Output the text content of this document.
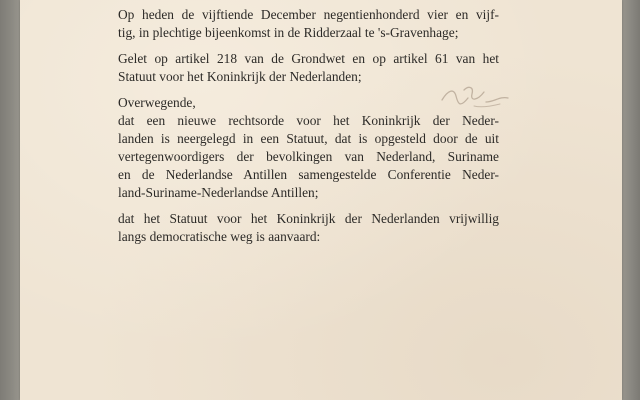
Op heden de vijftiende December negentienhonderd vier en vijf-
tig, in plechtige bijeenkomst in de Ridderzaal te 's-Gravenhage;

Gelet op artikel 218 van de Grondwet en op artikel 61 van het
Statuut voor het Koninkrijk der Nederlanden;

Overwegende,
dat een nieuwe rechtsorde voor het Koninkrijk der Neder-
landen is neergelegd in een Statuut, dat is opgesteld door de uit
vertegenwoordigers der bevolkingen van Nederland, Suriname
en de Nederlandse Antillen samengestelde Conferentie Neder-
land-Suriname-Nederlandse Antillen;

dat het Statuut voor het Koninkrijk der Nederlanden vrijwillig
langs democratische weg is aanvaard:
